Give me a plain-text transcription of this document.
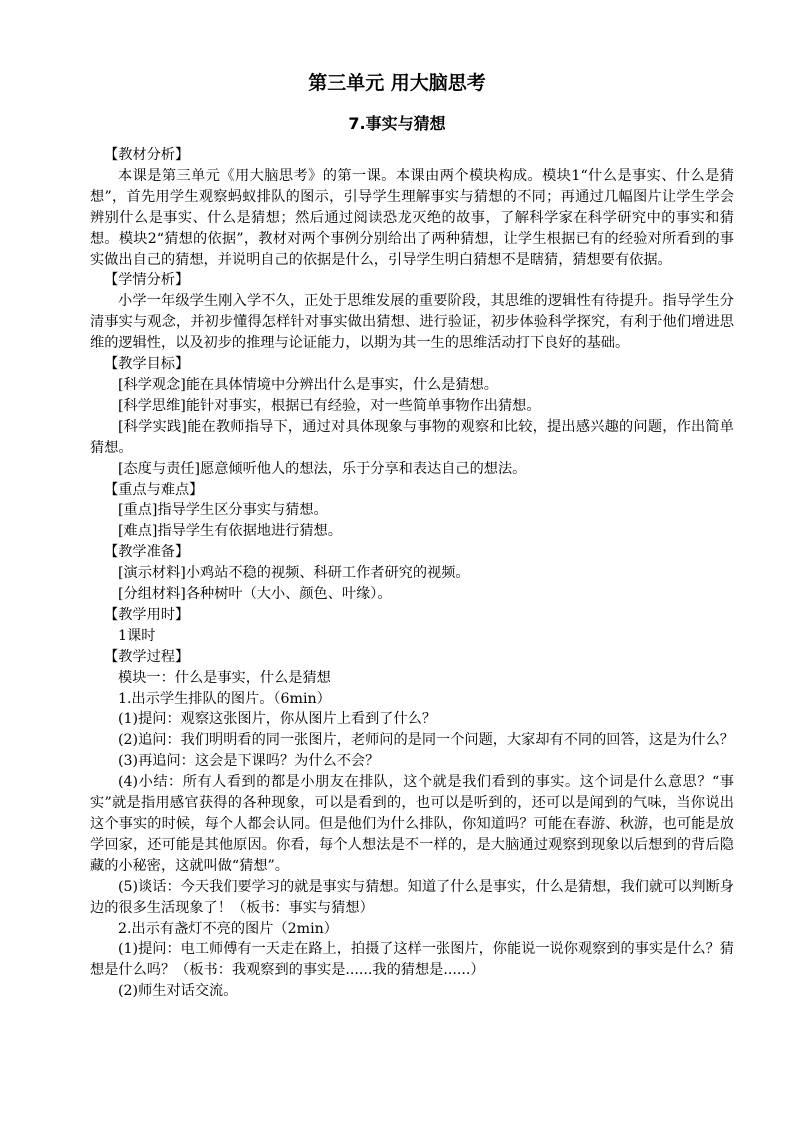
第三单元 用大脑思考
7.事实与猜想

【教材分析】

本课是第三单元《用大脑思考》的第一课。本课由两个模块构成。模块1“什么是事实、什么是猜想”，首先用学生观察蚂蚁排队的图示，引导学生理解事实与猜想的不同；再通过几幅图片让学生学会辨别什么是事实、什么是猜想；然后通过阅读恐龙灭绝的故事，了解科学家在科学研究中的事实和猜想。模块2“猜想的依据”，教材对两个事例分别给出了两种猜想，让学生根据已有的经验对所看到的事实做出自己的猜想，并说明自己的依据是什么，引导学生明白猜想不是瞎猜，猜想要有依据。

【学情分析】

小学一年级学生刚入学不久，正处于思维发展的重要阶段，其思维的逻辑性有待提升。指导学生分清事实与观念，并初步懂得怎样针对事实做出猜想、进行验证，初步体验科学探究，有利于他们增进思维的逻辑性，以及初步的推理与论证能力，以期为其一生的思维活动打下良好的基础。

【教学目标】

[科学观念]能在具体情境中分辨出什么是事实，什么是猜想。

[科学思维]能针对事实，根据已有经验，对一些简单事物作出猜想。

[科学实践]能在教师指导下，通过对具体现象与事物的观察和比较，提出感兴趣的问题，作出简单猜想。

[态度与责任]愿意倾听他人的想法，乐于分享和表达自己的想法。

【重点与难点】

[重点]指导学生区分事实与猜想。

[难点]指导学生有依据地进行猜想。

【教学准备】

[演示材料]小鸡站不稳的视频、科研工作者研究的视频。

[分组材料]各种树叶（大小、颜色、叶缘）。

【教学用时】

1课时

【教学过程】

模块一：什么是事实，什么是猜想

1.出示学生排队的图片。（6min）

(1)提问：观察这张图片，你从图片上看到了什么？

(2)追问：我们明明看的同一张图片，老师问的是同一个问题，大家却有不同的回答，这是为什么？

(3)再追问：这会是下课吗？为什么不会？

(4)小结：所有人看到的都是小朋友在排队，这个就是我们看到的事实。这个词是什么意思？“事实”就是指用感官获得的各种现象，可以是看到的，也可以是听到的，还可以是闻到的气味，当你说出这个事实的时候，每个人都会认同。但是他们为什么排队，你知道吗？可能在春游、秋游，也可能是放学回家，还可能是其他原因。你看，每个人想法是不一样的，是大脑通过观察到现象以后想到的背后隐藏的小秘密，这就叫做“猜想”。

(5)谈话：今天我们要学习的就是事实与猜想。知道了什么是事实，什么是猜想，我们就可以判断身边的很多生活现象了！（板书：事实与猜想）

2.出示有盏灯不亮的图片（2min）

(1)提问：电工师傅有一天走在路上，拍摄了这样一张图片，你能说一说你观察到的事实是什么？猜想是什么吗？（板书：我观察到的事实是......我的猜想是......）

(2)师生对话交流。
